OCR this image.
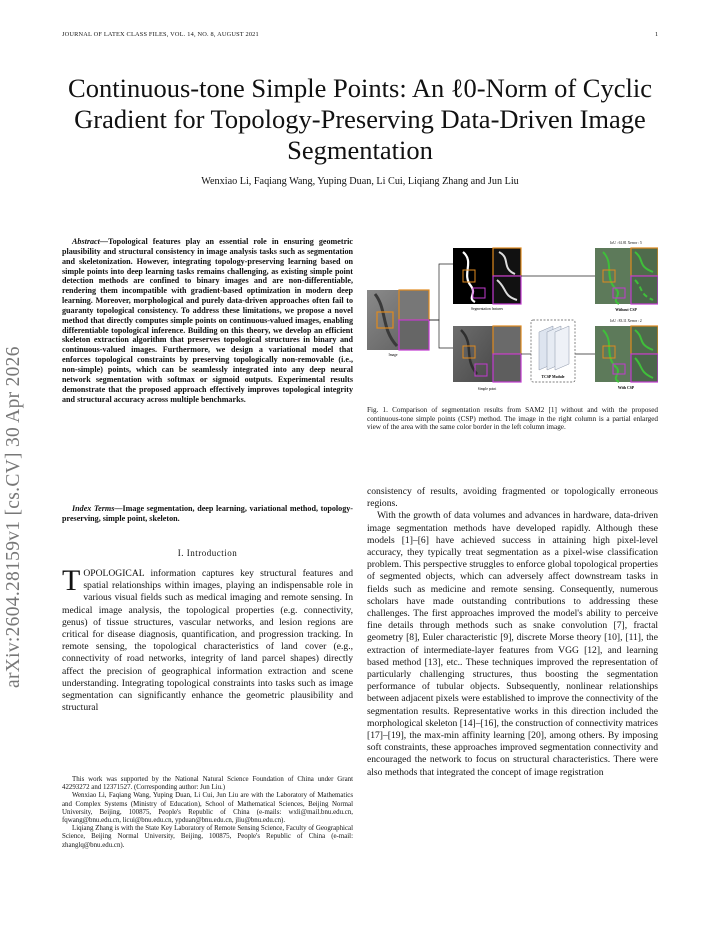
JOURNAL OF LATEX CLASS FILES, VOL. 14, NO. 8, AUGUST 2021	1
arXiv:2604.28159v1 [cs.CV] 30 Apr 2026
Continuous-tone Simple Points: An ℓ0-Norm of Cyclic Gradient for Topology-Preserving Data-Driven Image Segmentation
Wenxiao Li, Faqiang Wang, Yuping Duan, Li Cui, Liqiang Zhang and Jun Liu
Abstract—Topological features play an essential role in ensuring geometric plausibility and structural consistency in image analysis tasks such as segmentation and skeletonization. However, integrating topology-preserving learning based on simple points into deep learning tasks remains challenging, as existing simple point detection methods are confined to binary images and are non-differentiable, rendering them incompatible with gradient-based optimization in modern deep learning. Moreover, morphological and purely data-driven approaches often fail to guaranty topological consistency. To address these limitations, we propose a novel method that directly computes simple points on continuous-valued images, enabling differentiable topological inference. Building on this theory, we develop an efficient skeleton extraction algorithm that preserves topological structures in binary and continuous-valued images. Furthermore, we design a variational model that enforces topological constraints by preserving topologically non-removable (i.e., non-simple) points, which can be seamlessly integrated into any deep neural network segmentation with softmax or sigmoid outputs. Experimental results demonstrate that the proposed approach effectively improves topological integrity and structural accuracy across multiple benchmarks.
Index Terms—Image segmentation, deep learning, variational method, topology-preserving, simple point, skeleton.
I. Introduction
TOPOLOGICAL information captures key structural features and spatial relationships within images, playing an indispensable role in various visual fields such as medical imaging and remote sensing. In medical image analysis, the topological properties (e.g. connectivity, genus) of tissue structures, vascular networks, and lesion regions are critical for disease diagnosis, quantification, and progression tracking. In remote sensing, the topological characteristics of land cover (e.g., connectivity of road networks, integrity of land parcel shapes) directly affect the precision of geographical information extraction and scene understanding. Integrating topological constraints into tasks such as image segmentation can significantly enhance the geometric plausibility and structural

This work was supported by the National Natural Science Foundation of China under Grant 42293272 and 12371527. (Corresponding author: Jun Liu.)

Wenxiao Li, Faqiang Wang, Yuping Duan, Li Cui, Jun Liu are with the Laboratory of Mathematics and Complex Systems (Ministry of Education), School of Mathematical Sciences, Beijing Normal University, Beijing, 100875, People's Republic of China (e-mails: wxli@mail.bnu.edu.cn, fqwang@bnu.edu.cn, licui@bnu.edu.cn, ypduan@bnu.edu.cn, jliu@bnu.edu.cn).

Liqiang Zhang is with the State Key Laboratory of Remote Sensing Science, Faculty of Geographical Science, Beijing Normal University, Beijing, 100875, People's Republic of China (e-mail: zhanglq@bnu.edu.cn).

Image
Segmentation features
Simple point
TCSP Module
IoU : 61.81 Xerror : 5
Without CSP
IoU : 83.11 Xerror : 2
With CSP
Fig. 1. Comparison of segmentation results from SAM2 [1] without and with the proposed continuous-tone simple points (CSP) method. The image in the right column is a partial enlarged view of the area with the same color border in the left column image.

consistency of results, avoiding fragmented or topologically erroneous regions.

With the growth of data volumes and advances in hardware, data-driven image segmentation methods have developed rapidly. Although these models [1]–[6] have achieved success in attaining high pixel-level accuracy, they typically treat segmentation as a pixel-wise classification problem. This perspective struggles to enforce global topological properties of segmented objects, which can adversely affect downstream tasks in fields such as medicine and remote sensing. Consequently, numerous scholars have made outstanding contributions to addressing these challenges. The first approaches improved the model's ability to perceive fine details through methods such as snake convolution [7], fractal geometry [8], Euler characteristic [9], discrete Morse theory [10], [11], the extraction of intermediate-layer features from VGG [12], and learning based method [13], etc.. These techniques improved the representation of particularly challenging structures, thus boosting the segmentation performance of tubular objects. Subsequently, nonlinear relationships between adjacent pixels were established to improve the connectivity of the segmentation results. Representative works in this direction included the morphological skeleton [14]–[16], the construction of connectivity matrices [17]–[19], the max-min affinity learning [20], among others. By imposing soft constraints, these approaches improved segmentation connectivity and encouraged the network to focus on structural characteristics. There were also methods that integrated the concept of image registration
